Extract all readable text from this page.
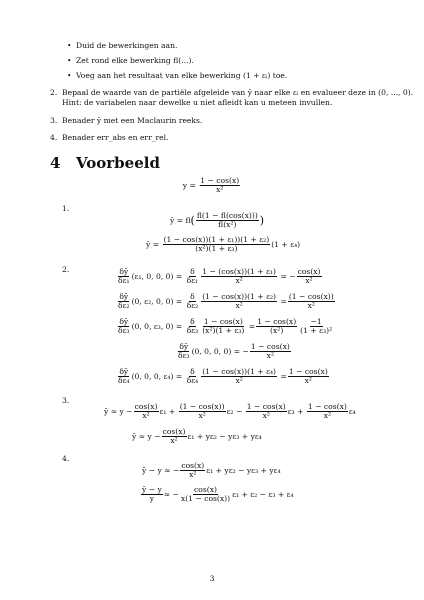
• Duid de bewerkingen aan.
• Zet rond elke bewerking fl(...).
• Voeg aan het resultaat van elke bewerking (1 + εᵢ) toe.
2. Bepaal de waarde van de partiële afgeleide van ȳ naar elke εᵢ en evalueer deze in (0, ..., 0).
Hint: de variabelen naar dewelke u niet afleidt kan u meteen invullen.
3. Benader ȳ met een Maclaurin reeks.
4. Benader err_abs en err_rel.
4 Voorbeeld
$y = \frac{1 - \cos(x)}{\text{x²}}$
1.
ȳ = $fl( \frac{fl(1 - fl(\cos(x)))}{\text{fl(x²)}}$ )
ȳ = $\frac{\text{(1 − cos(x))(1 + ε₁))(1 + ε₂)}}{\text{(x²)(1 + ε₃)}} (1 + \varepsilon_4)$
2.	$\frac{\delta ȳ}{\text{δε₁}} (\varepsilon_1$, 0, 0, $0) = \frac{\delta}{\text{δε₁}} \frac{\text{1 − (cos(x))(1 + ε₁)}}{\text{x²}}$ = − $\frac{\cos(x)}{\text{x²}}$
$\frac{\delta ȳ}{\text{δε₂}} (0$, ε₂, 0, $0) = \frac{\delta}{\text{δε₂}} \frac{\text{(1 − cos(x))(1 + ε₂)}}{\text{x²}} = \frac{(1 - \cos(x))}{\text{x²}}$
$\frac{\delta ȳ}{\text{δε₃}} (0$, 0, ε₃, $0) = \frac{\delta}{\text{δε₃}} \frac{1 - \cos(x)}{\text{(x²)(1 + ε₃)}} = \frac{1 - \cos(x)}{\text{(x²)}} \frac{-1}{\text{(1 + ε₃)²}}$
$\frac{\delta ȳ}{\text{δε₃}} (0$, 0, 0, 0) = − $\frac{1 - \cos(x)}{\text{x²}}$
$\frac{\delta ȳ}{\text{δε₄}} (0$, 0, 0, $\varepsilon_4) = \frac{\delta}{\text{δε₄}} \frac{\text{(1 − cos(x))(1 + ε₄)}}{\text{x²}} = \frac{1 - \cos(x)}{\text{x²}}$
3.
ȳ ≈ $y - \frac{\cos(x)}{\text{x²}} \varepsilon_1 + \frac{(1 - \cos(x))}{\text{x²}} \varepsilon_2 - \frac{1 - \cos(x)}{\text{x²}} \varepsilon_3 + \frac{1 - \cos(x)}{\text{x²}} \varepsilon_4$
ȳ ≈ $y - \frac{\cos(x)}{\text{x²}} \varepsilon_1 + y\varepsilon_2 - y\varepsilon_3 + y\varepsilon_4$
4.
ȳ − y ≈ − $\frac{\cos(x)}{\text{x²}} \varepsilon_1 + y\varepsilon_2 - y\varepsilon_3 + y\varepsilon_4$
$\frac{ȳ - y}{y}$ ≈ − $\frac{\cos(x)}{x(1 - \cos(x))} \varepsilon_1 + \varepsilon_2 - \varepsilon_3 + \varepsilon_4$
3
